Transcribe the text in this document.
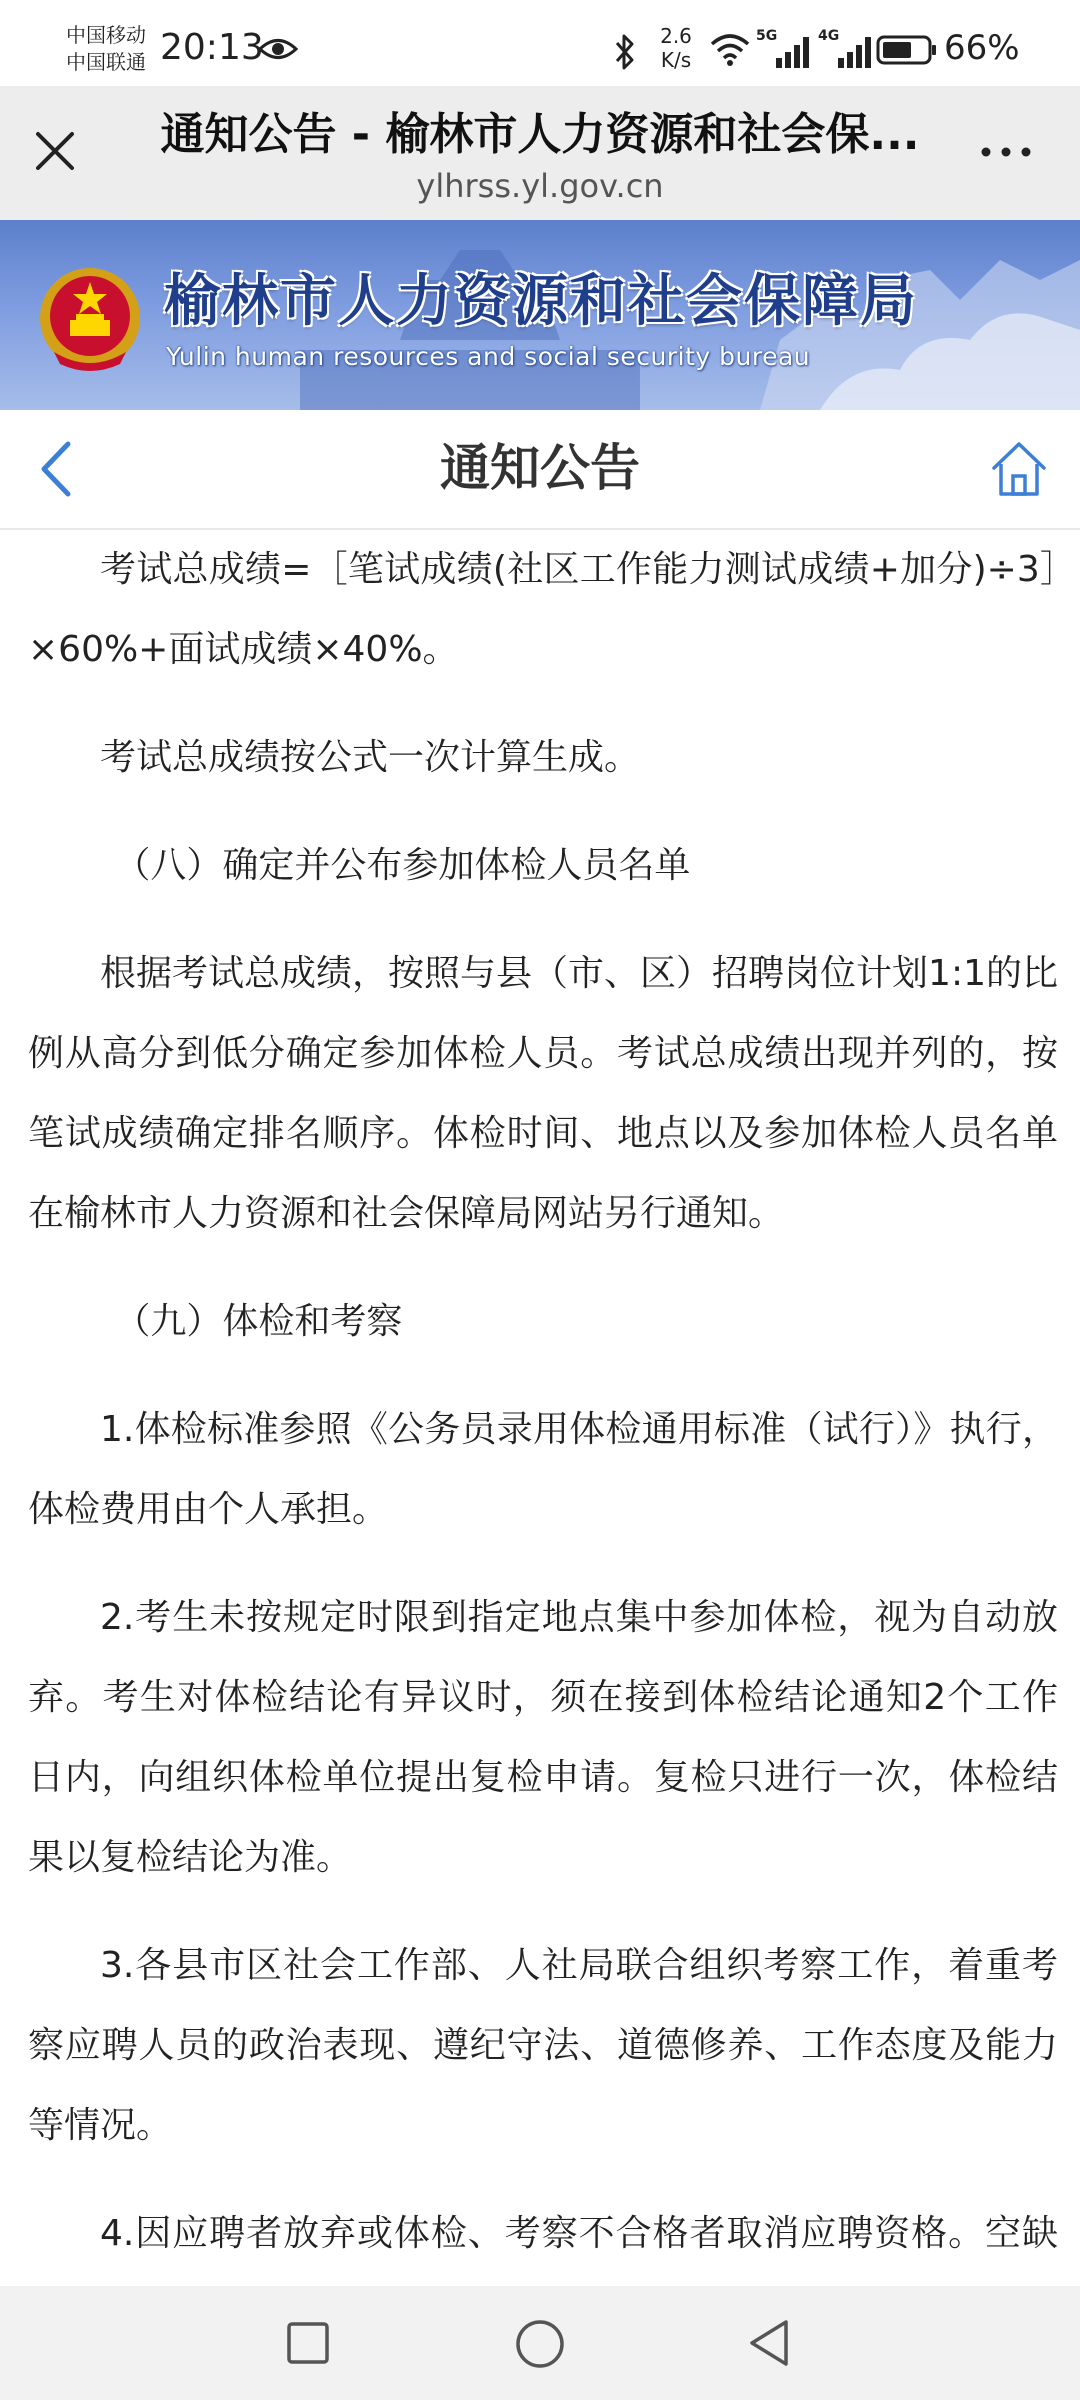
中国移动
中国联通 20:13	2.6
K/s
5G	4G	66%
通知公告 - 榆林市人力资源和社会保...
ylhrss.yl.gov.cn
榆林市人力资源和社会保障局
Yulin human resources and social security bureau
通知公告

考试总成绩=［笔试成绩(社区工作能力测试成绩+加分)÷3］×60%+面试成绩×40%。

考试总成绩按公式一次计算生成。

（八）确定并公布参加体检人员名单

根据考试总成绩，按照与县（市、区）招聘岗位计划1:1的比例从高分到低分确定参加体检人员。考试总成绩出现并列的，按笔试成绩确定排名顺序。体检时间、地点以及参加体检人员名单在榆林市人力资源和社会保障局网站另行通知。

（九）体检和考察

1.体检标准参照《公务员录用体检通用标准（试行）》执行，体检费用由个人承担。

2.考生未按规定时限到指定地点集中参加体检，视为自动放弃。考生对体检结论有异议时，须在接到体检结论通知2个工作日内，向组织体检单位提出复检申请。复检只进行一次，体检结果以复检结论为准。

3.各县市区社会工作部、人社局联合组织考察工作，着重考察应聘人员的政治表现、遵纪守法、道德修养、工作态度及能力等情况。

4.因应聘者放弃或体检、考察不合格者取消应聘资格。空缺
